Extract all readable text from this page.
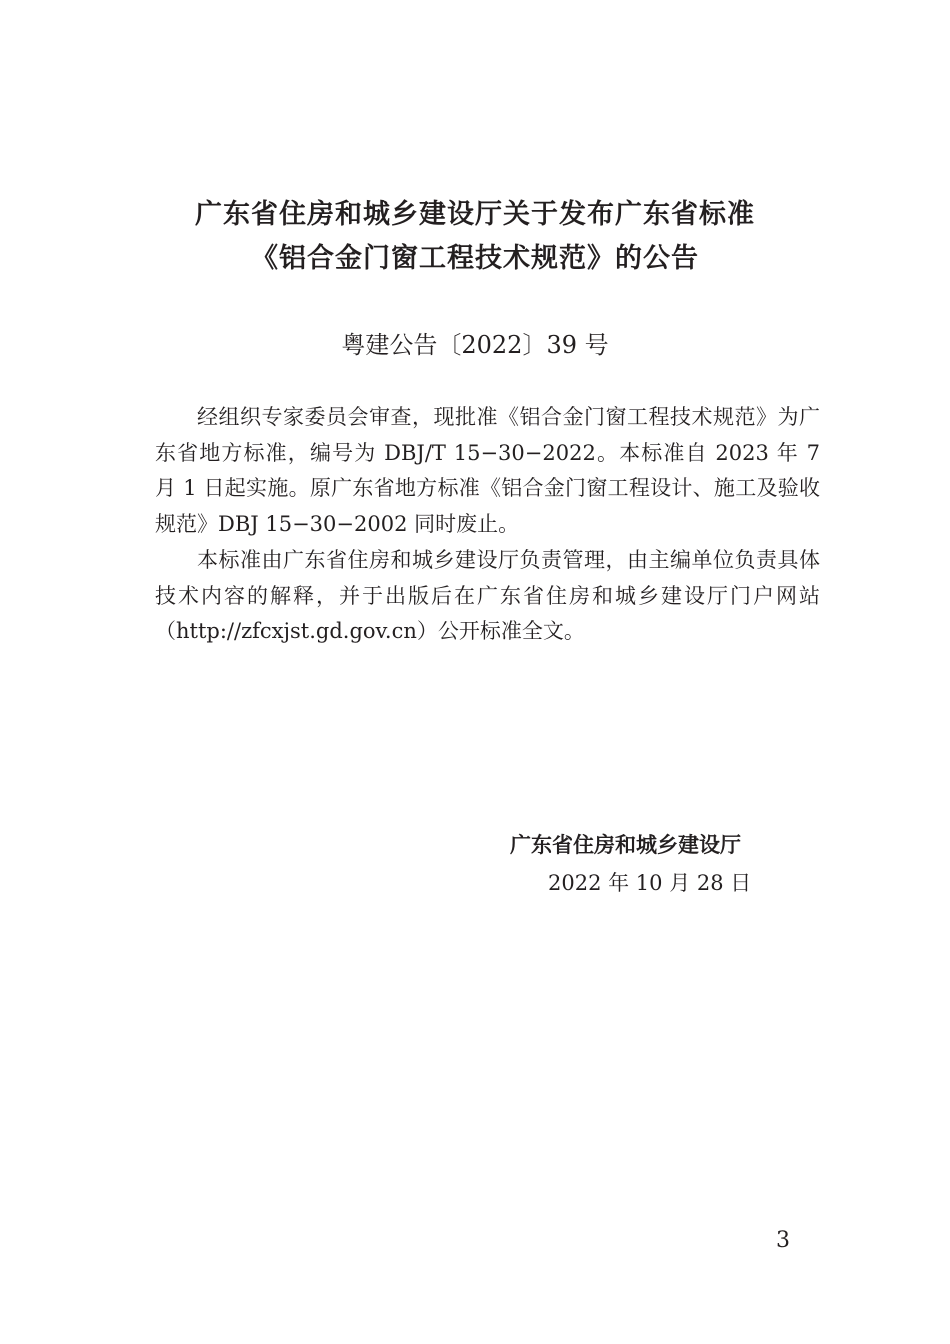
广东省住房和城乡建设厅关于发布广东省标准
《铝合金门窗工程技术规范》的公告
粤建公告〔2022〕39 号

经组织专家委员会审查，现批准《铝合金门窗工程技术规范》为广东省地方标准，编号为 DBJ/T 15−30−2022。本标准自 2023 年 7 月 1 日起实施。原广东省地方标准《铝合金门窗工程设计、施工及验收规范》DBJ 15−30−2002 同时废止。

本标准由广东省住房和城乡建设厅负责管理，由主编单位负责具体技术内容的解释，并于出版后在广东省住房和城乡建设厅门户网站（http://zfcxjst.gd.gov.cn）公开标准全文。

广东省住房和城乡建设厅
2022 年 10 月 28 日
3
